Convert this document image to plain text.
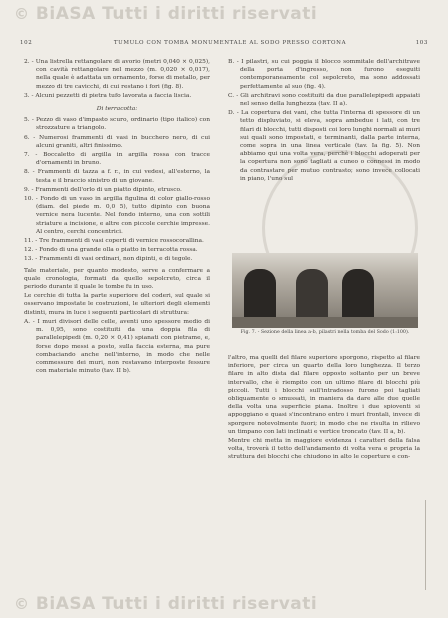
© BiASA Tutti i diritti riservati
102	TUMULO CON TOMBA MONUMENTALE AL SODO PRESSO CORTONA	103

2. - Una listrella rettangolare di avorio (metri 0,040 × 0,025), con cavità rettangolare nel mezzo (m. 0,020 × 0,017), nella quale è adattata un ornamento, forse di metallo, per mezzo di tre cavicchi, di cui restano i fori (fig. 8).

3. - Alcuni pezzetti di pietra tufo lavorata a faccia liscia.

Di terracotta:

5. - Pezzo di vaso d'impasto scuro, ordinario (tipo italico) con strozzature a triangolo.

6. - Numerosi frammenti di vasi in bucchero nero, di cui alcuni graniti, altri finissimo.

7. - Boccaletto di argilla in argilla rossa con tracce d'ornamenti in bruno.

8. - Frammenti di tazza a f. r., in cui vedesi, all'esterno, la testa e il braccio sinistro di un giovane.

9. - Frammenti dell'orlo di un piatto dipinto, etrusco.

10. - Fondo di un vaso in argilla figulina di color giallo-rosso (diam. del piede m. 0,0 5), tutto dipinto con buona vernice nera lucente. Nel fondo interno, una con sottili striature a incisione, e altre con piccole cerchie impresse. Al centro, cerchi concentrici.

11. - Tre frammenti di vasi coperti di vernice rossocorallina.

12. - Fondo di una grande olla o piatto in terracotta rossa.

13. - Frammenti di vasi ordinari, non dipinti, e di tegole.

Tale materiale, per quanto modesto, serve a confermare a quale cronologia, formati da quello sepolcreto, circa il periodo durante il quale le tombe fu in uso.

Le cerchie di tutta la parte superiore del coderi, sul quale si osservano impostate le costruzioni, le ulteriori degli elementi distinti, mura in luce i seguenti particolari di struttura:

A. - I muri divisori delle celle, aventi uno spessore medio di m. 0,95, sono costituiti da una doppia fila di parallelepipedi (m. 0,20 × 0,41) spianati con pietrame, e, forse dopo messi a posto, sulla faccia esterna, ma pure combaciando anche nell'interno, in modo che nelle commessure dei muri, non restavano interposte fessure con materiale minuto (tav. II b).

B. - I pilastri, su cui poggia il blocco sommitale dell'architrave della porta d'ingresso, non furono eseguiti contemporaneamente col sepolcreto, ma sono addossati perfettamente al suo (fig. 4).

C. - Gli architravi sono costituiti da due parallelepipedi appaiati nel senso della lunghezza (tav. II a).

D. - La copertura dei vani, che tutta l'interna di spessore di un tetto displuviato, si eleva, sopra ambedue i lati, con tre filari di blocchi, tutti disposti coi loro lunghi normali ai muri sui quali sono impostati, e terminanti, dalla parte interna, come sopra in una linea verticale (tav. Ia fig. 5). Non abbiamo qui una volta vera, perchè i blocchi adoperati per la copertura non sono tagliati a cuneo o connessi in modo da contrastare per mutuo contrasto; sono invece collocati in piano, l'uno sul

Fig. 7. - Sezione della linea a-b, pilastri nella tomba del Sodo (1:100).

l'altro, ma quelli del filare superiore sporgono, rispetto al filare inferiore, per circa un quarto della loro lunghezza. Il terzo filare in alto dista dal filare opposto soltanto per un breve intervallo, che è riempito con un ultimo filare di blocchi più piccoli. Tutti i blocchi sull'intradosso furono poi tagliati obliquamente o smussati, in maniera da dare alle due quelle della volta una superficie piana. Inoltre i due spioventi si appoggiano e quasi s'incontrano entro i muri frontali, invece di sporgere notevolmente fuori; in modo che ne risulta in rilievo un timpano con lati inclinati e vertice troncato (tav. II a, b).

Mentre chi metta in maggiore evidenza i caratteri della falsa volta, troverà il tetto dell'andamento di volta vera e propria la struttura dei blocchi che chiudono in alto le coperture e con-

© BiASA Tutti i diritti riservati
